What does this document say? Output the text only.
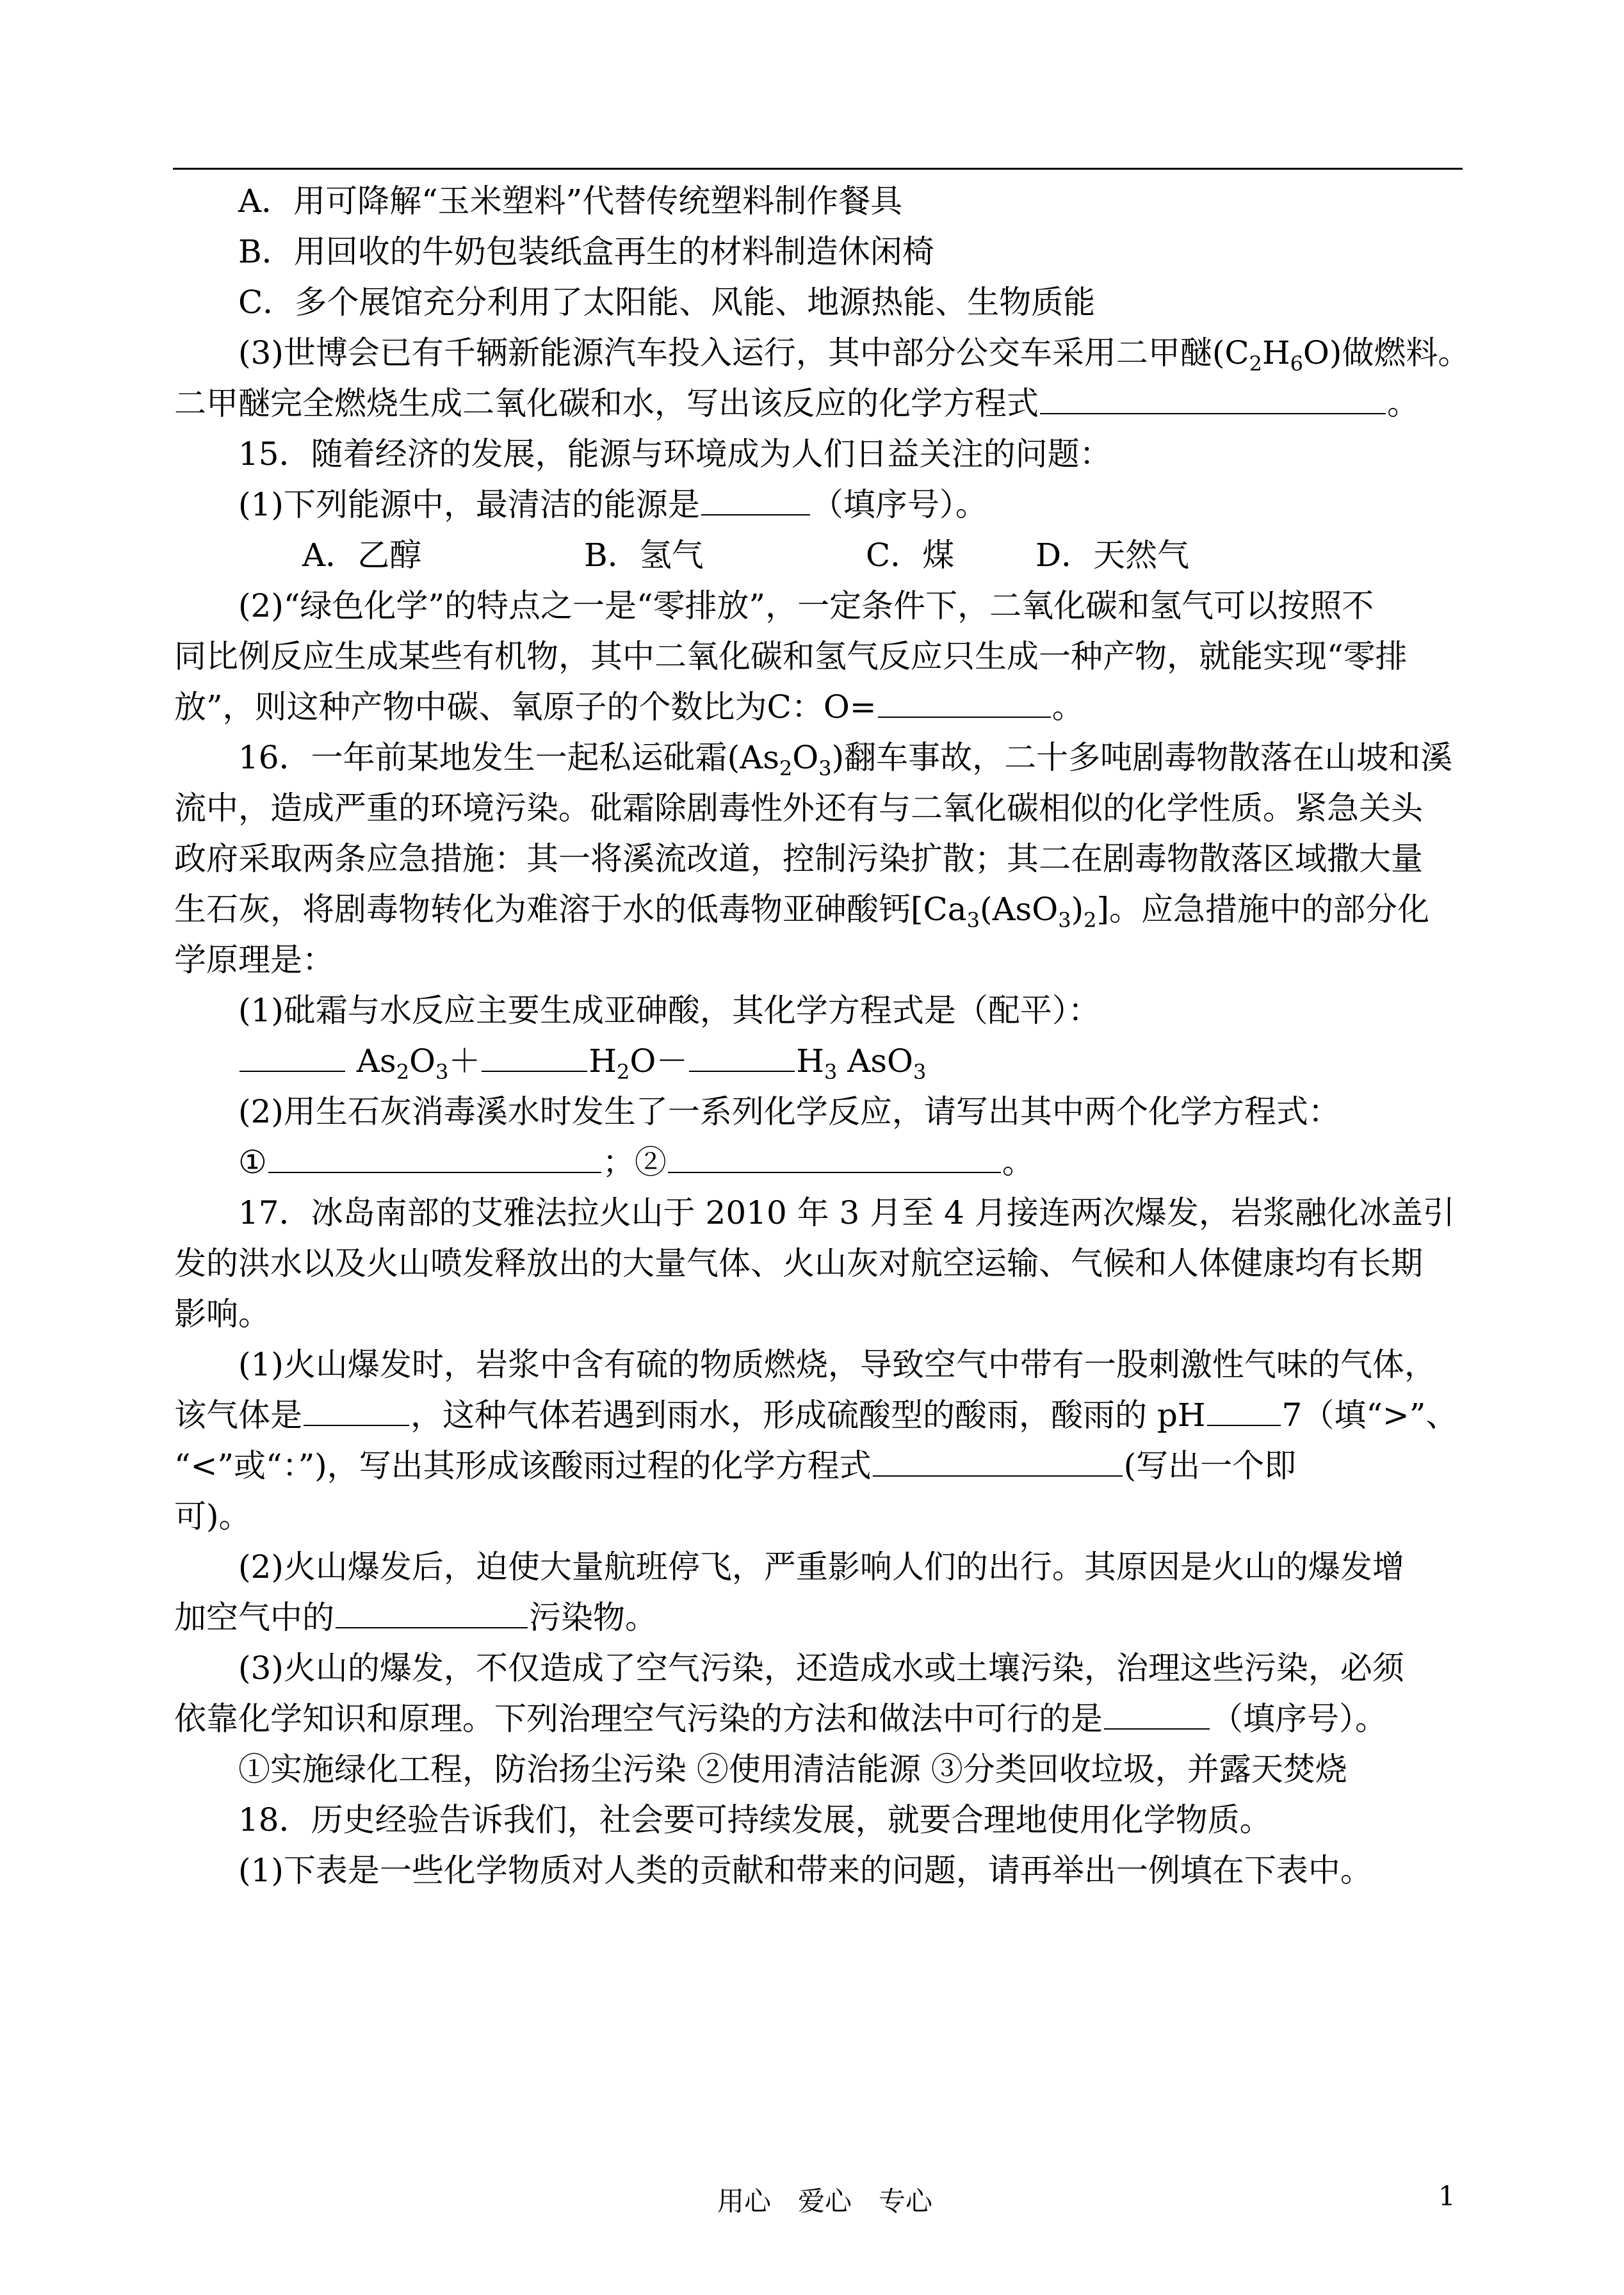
A．用可降解“玉米塑料”代替传统塑料制作餐具

B．用回收的牛奶包装纸盒再生的材料制造休闲椅

C．多个展馆充分利用了太阳能、风能、地源热能、生物质能

(3)世博会已有千辆新能源汽车投入运行，其中部分公交车采用二甲醚$(C_2H_6O)$做燃料。

二甲醚完全燃烧生成二氧化碳和水，写出该反应的化学方程式	。

15．随着经济的发展，能源与环境成为人们日益关注的问题：

(1)下列能源中，最清洁的能源是	（填序号）。

A．乙醇	B．氢气	C．煤	D．天然气

(2)“绿色化学”的特点之一是“零排放”，一定条件下，二氧化碳和氢气可以按照不

同比例反应生成某些有机物，其中二氧化碳和氢气反应只生成一种产物，就能实现“零排

放”，则这种产物中碳、氧原子的个数比为C：O=	。

16．一年前某地发生一起私运砒霜$(As_2O_3)$翻车事故，二十多吨剧毒物散落在山坡和溪

流中，造成严重的环境污染。砒霜除剧毒性外还有与二氧化碳相似的化学性质。紧急关头

政府采取两条应急措施：其一将溪流改道，控制污染扩散；其二在剧毒物散落区域撒大量

生石灰，将剧毒物转化为难溶于水的低毒物亚砷酸钙$[Ca_3(AsO_3)_2]$。应急措施中的部分化

学原理是：

(1)砒霜与水反应主要生成亚砷酸，其化学方程式是（配平）：

$As_2O_3+$	$H_2O-$	$H_3$ AsO$_3$

(2)用生石灰消毒溪水时发生了一系列化学反应，请写出其中两个化学方程式：

①	；②	。

17．冰岛南部的艾雅法拉火山于 2010 年 3 月至 4 月接连两次爆发，岩浆融化冰盖引

发的洪水以及火山喷发释放出的大量气体、火山灰对航空运输、气候和人体健康均有长期

影响。

(1)火山爆发时，岩浆中含有硫的物质燃烧，导致空气中带有一股刺激性气味的气体，

该气体是	，这种气体若遇到雨水，形成硫酸型的酸雨，酸雨的 pH 7（填“>”、

“<”或“：”)，写出其形成该酸雨过程的化学方程式	(写出一个即

可)。

(2)火山爆发后，迫使大量航班停飞，严重影响人们的出行。其原因是火山的爆发增

加空气中的	污染物。

(3)火山的爆发，不仅造成了空气污染，还造成水或土壤污染，治理这些污染，必须

依靠化学知识和原理。下列治理空气污染的方法和做法中可行的是	（填序号）。

①实施绿化工程，防治扬尘污染 ②使用清洁能源 ③分类回收垃圾，并露天焚烧

18．历史经验告诉我们，社会要可持续发展，就要合理地使用化学物质。

(1)下表是一些化学物质对人类的贡献和带来的问题，请再举出一例填在下表中。

用心　爱心　专心	1
